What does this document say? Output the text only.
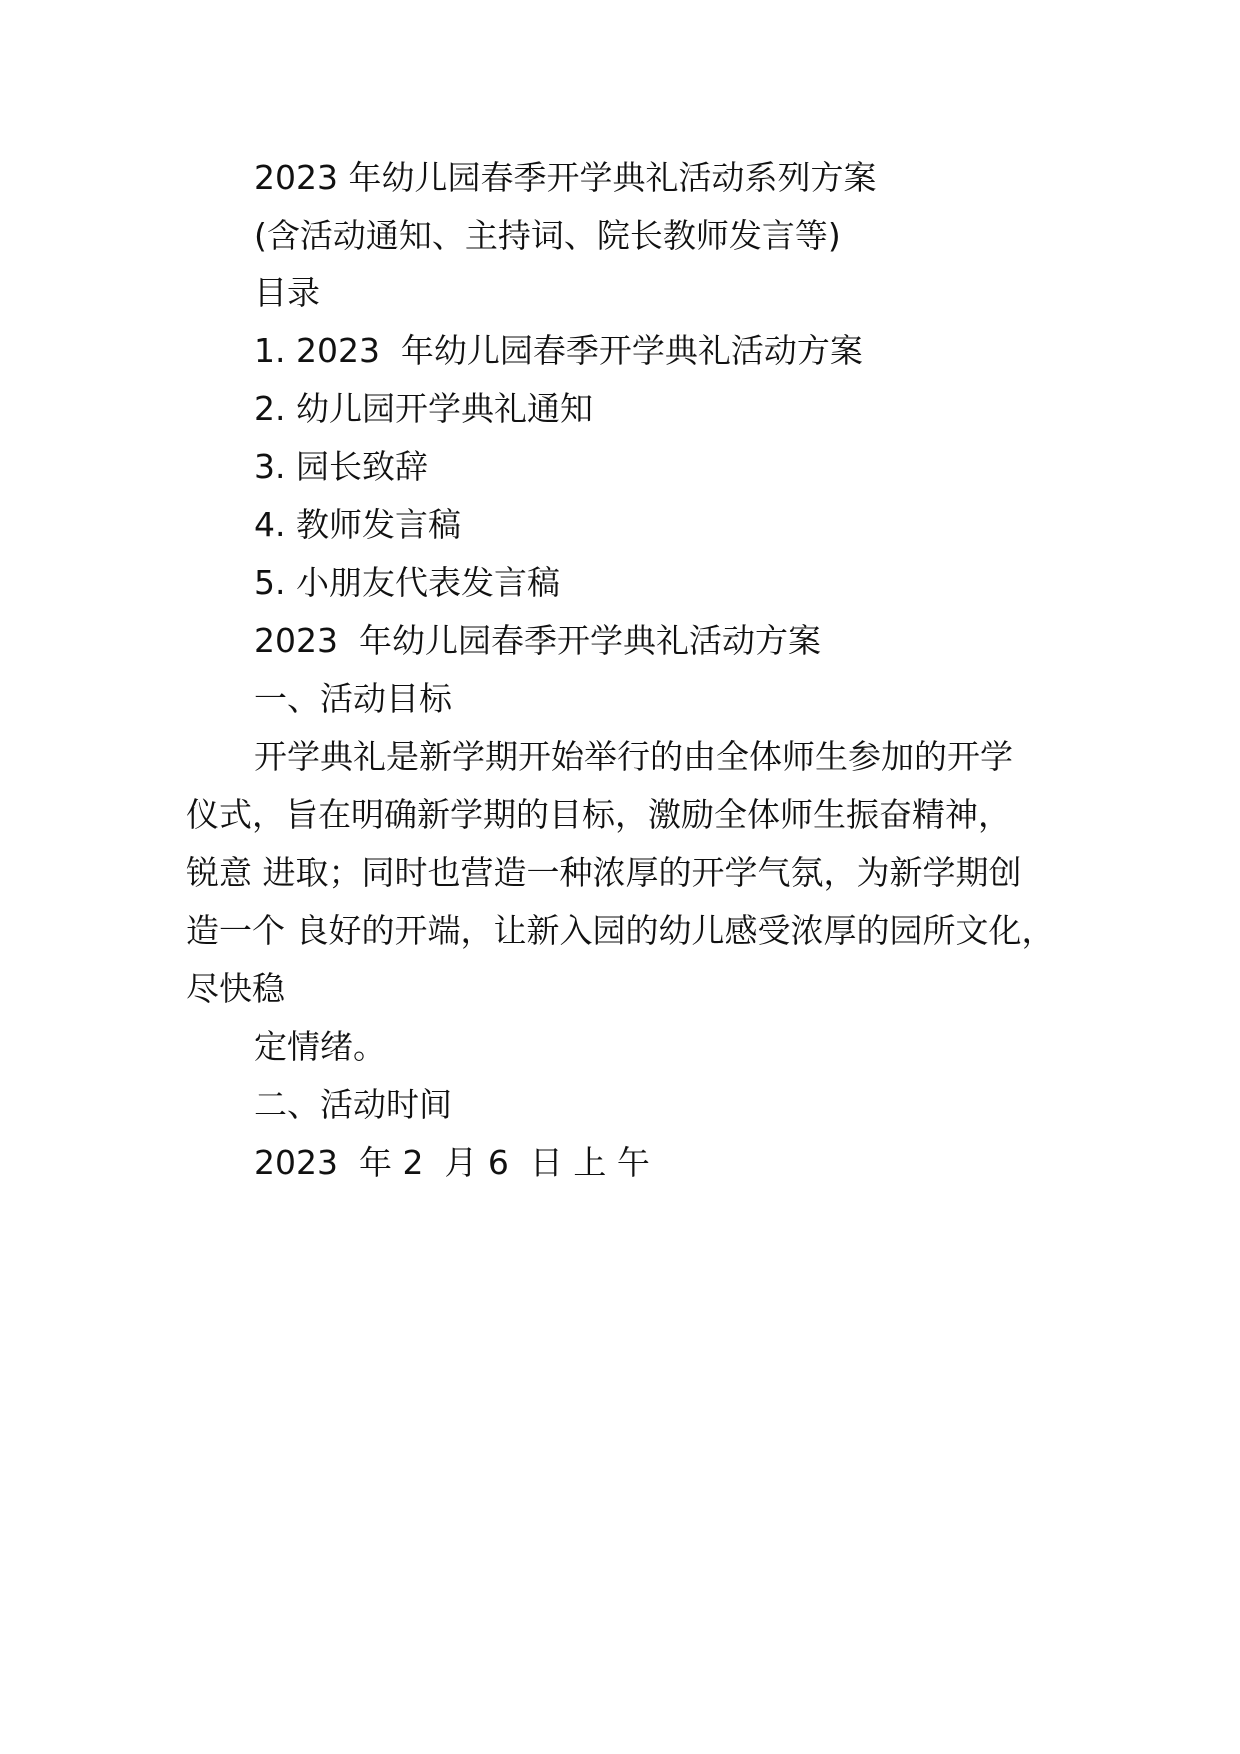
2023 年幼儿园春季开学典礼活动系列方案
(含活动通知、主持词、院长教师发言等)
目录
1. 2023  年幼儿园春季开学典礼活动方案
2. 幼儿园开学典礼通知
3. 园长致辞
4. 教师发言稿
5. 小朋友代表发言稿
2023  年幼儿园春季开学典礼活动方案
一、活动目标
开学典礼是新学期开始举行的由全体师生参加的开学
仪式，旨在明确新学期的目标，激励全体师生振奋精神，
锐意 进取；同时也营造一种浓厚的开学气氛，为新学期创
造一个 良好的开端，让新入园的幼儿感受浓厚的园所文化，
尽快稳
定情绪。
二、活动时间
2023  年 2  月 6  日 上 午
